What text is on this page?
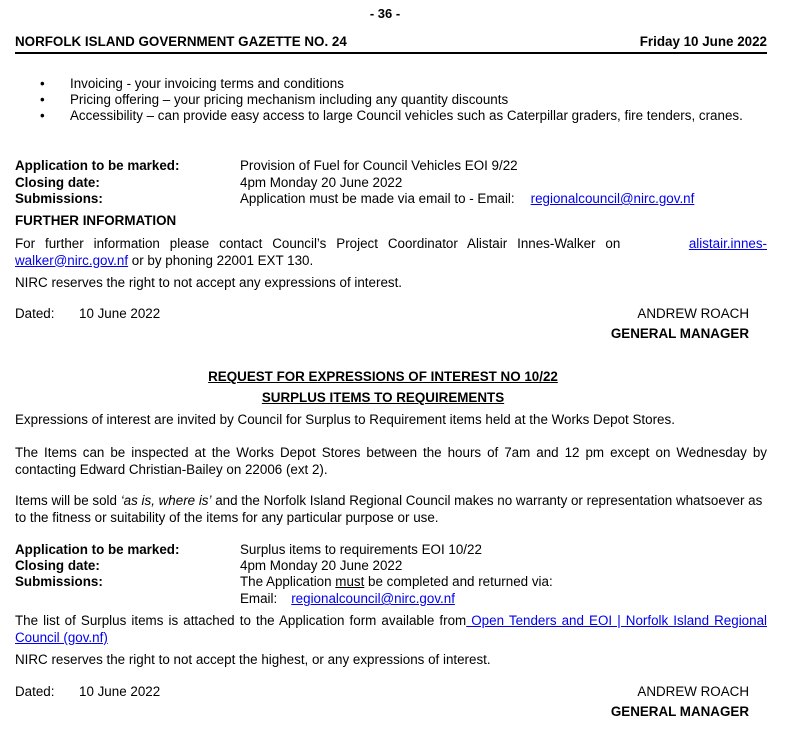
- 36 -
NORFOLK ISLAND GOVERNMENT GAZETTE NO. 24	Friday 10 June 2022
• Invoicing - your invoicing terms and conditions
• Pricing offering – your pricing mechanism including any quantity discounts
• Accessibility – can provide easy access to large Council vehicles such as Caterpillar graders, fire tenders, cranes.
Application to be marked:	Provision of Fuel for Council Vehicles EOI 9/22
Closing date:	4pm Monday 20 June 2022
Submissions:	Application must be made via email to - Email: regionalcouncil@nirc.gov.nf
FURTHER INFORMATION
For further information please contact Council’s Project Coordinator Alistair Innes-Walker on	alistair.innes-
walker@nirc.gov.nf or by phoning 22001 EXT 130.
NIRC reserves the right to not accept any expressions of interest.
Dated: 10 June 2022	ANDREW ROACH
GENERAL MANAGER
REQUEST FOR EXPRESSIONS OF INTEREST NO 10/22
SURPLUS ITEMS TO REQUIREMENTS
Expressions of interest are invited by Council for Surplus to Requirement items held at the Works Depot Stores.
The Items can be inspected at the Works Depot Stores between the hours of 7am and 12 pm except on Wednesday by contacting Edward Christian-Bailey on 22006 (ext 2).
Items will be sold ‘as is, where is’ and the Norfolk Island Regional Council makes no warranty or representation whatsoever as to the fitness or suitability of the items for any particular purpose or use.
Application to be marked:	Surplus items to requirements EOI 10/22
Closing date:	4pm Monday 20 June 2022
Submissions:	The Application must be completed and returned via:
Email: regionalcouncil@nirc.gov.nf
The list of Surplus items is attached to the Application form available from Open Tenders and EOI | Norfolk Island Regional Council (gov.nf)
NIRC reserves the right to not accept the highest, or any expressions of interest.
Dated: 10 June 2022	ANDREW ROACH
GENERAL MANAGER
